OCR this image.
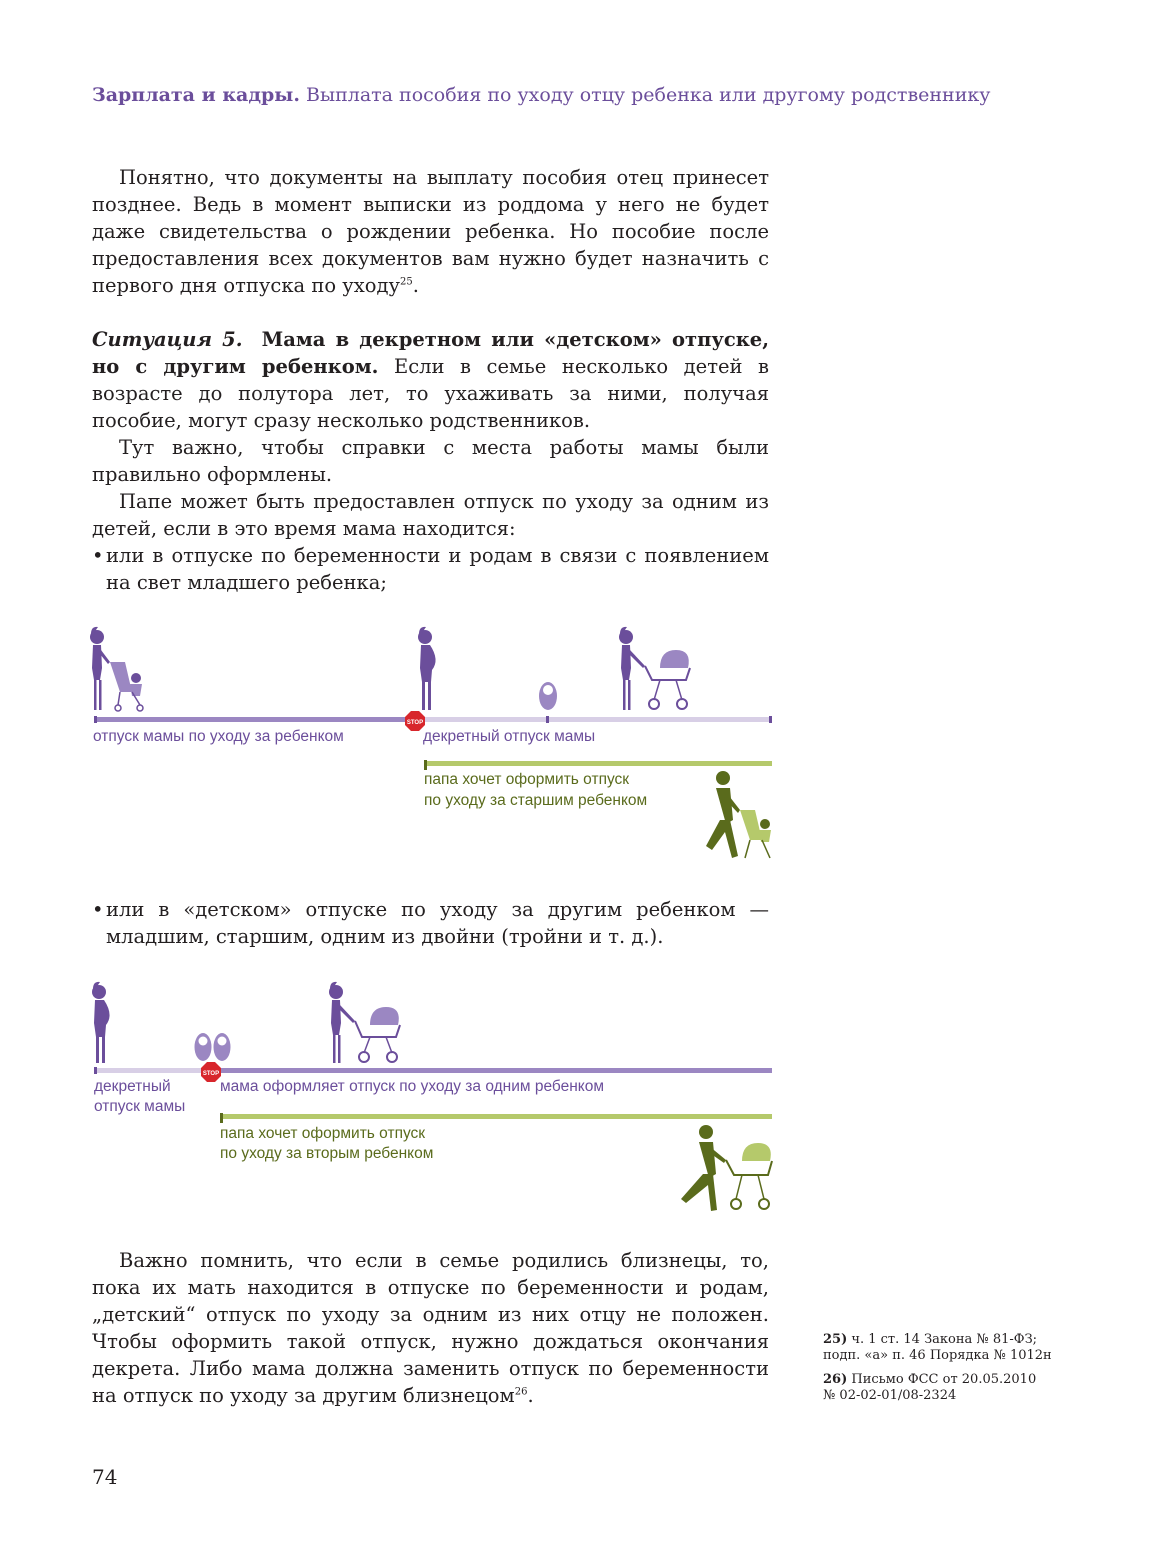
Зарплата и кадры. Выплата пособия по уходу отцу ребенка или другому родственнику

Понятно, что документы на выплату пособия отец принесет позднее. Ведь в момент выписки из роддома у него не будет даже свидетельства о рождении ребенка. Но пособие после предоставления всех документов вам нужно будет назначить с первого дня отпуска по уходу$^{25}$.

Ситуация 5. Мама в декретном или «детском» отпуске, но с другим ребенком. Если в семье несколько детей в возрасте до полутора лет, то ухаживать за ними, получая пособие, могут сразу несколько родственников.

Тут важно, чтобы справки с места работы мамы были правильно оформлены.

Папе может быть предоставлен отпуск по уходу за одним из детей, если в это время мама находится:

• или в отпуске по беременности и родам в связи с появлением на свет младшего ребенка;

STOP
отпуск мамы по уходу за ребенком	декретный отпуск мамы
папа хочет оформить отпуск
по уходу за старшим ребенком

• или в «детском» отпуске по уходу за другим ребенком — младшим, старшим, одним из двойни (тройни и т. д.).

STOP
декретный
отпуск мамы
мама оформляет отпуск по уходу за одним ребенком
папа хочет оформить отпуск
по уходу за вторым ребенком

Важно помнить, что если в семье родились близнецы, то, пока их мать находится в отпуске по беременности и родам, „детский“ отпуск по уходу за одним из них отцу не положен. Чтобы оформить такой отпуск, нужно дождаться окончания декрета. Либо мама должна заменить отпуск по беременности на отпуск по уходу за другим близнецом$^{26}$.

25) ч. 1 ст. 14 Закона № 81-ФЗ;
подп. «а» п. 46 Порядка № 1012н
26) Письмо ФСС от 20.05.2010
№ 02-02-01/08-2324
74
